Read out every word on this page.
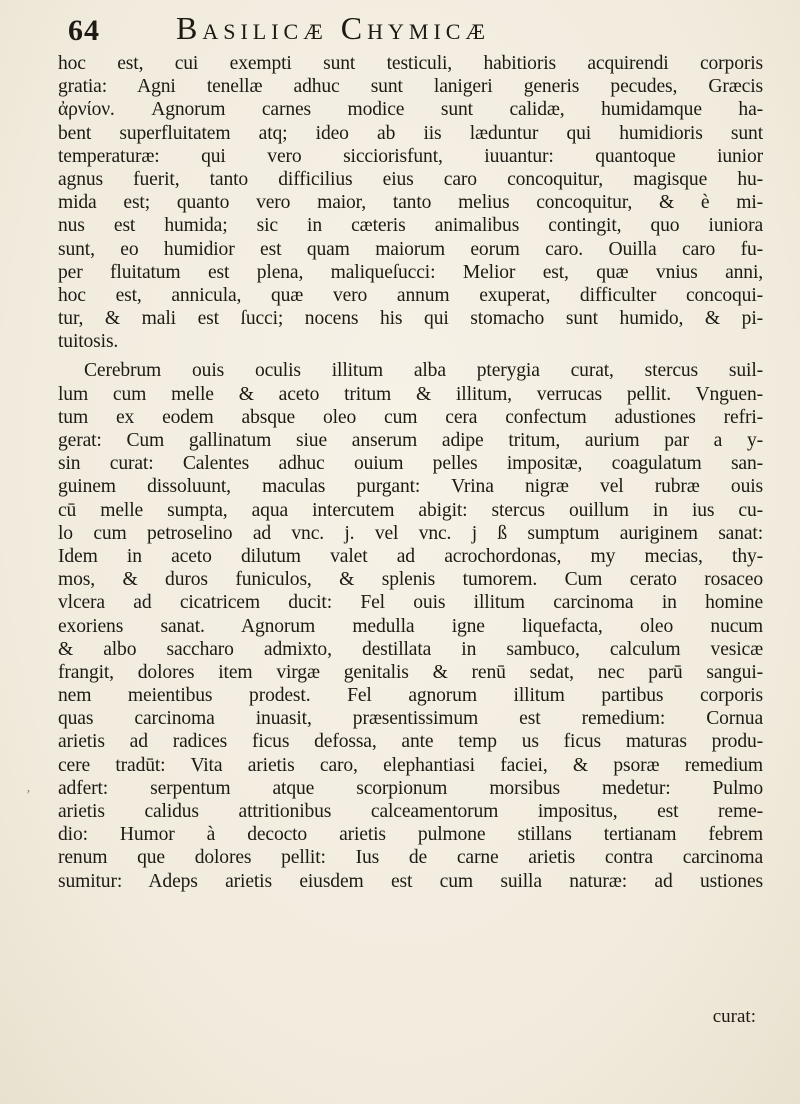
64 Basilicæ Chymicæ
hoc est, cui exempti sunt testiculi, habitioris acquirendi corporis
gratia: Agni tenellæ adhuc sunt lanigeri generis pecudes, Græcis
ἀρνίον. Agnorum carnes modice sunt calidæ, humidamque ha-
bent superfluitatem atq; ideo ab iis læduntur qui humidioris sunt
temperaturæ: qui vero sicciorisfunt, iuuantur: quantoque iunior
agnus fuerit, tanto difficilius eius caro concoquitur, magisque hu-
mida est; quanto vero maior, tanto melius concoquitur, & è mi-
nus est humida; sic in cæteris animalibus contingit, quo iuniora
sunt, eo humidior est quam maiorum eorum caro. Ouilla caro fu-
per fluitatum est plena, maliqueſucci: Melior est, quæ vnius anni,
hoc est, annicula, quæ vero annum exuperat, difficulter concoqui-
tur, & mali est ſucci; nocens his qui stomacho sunt humido, & pi-
tuitosis.
Cerebrum ouis oculis illitum alba pterygia curat, stercus suil-
lum cum melle & aceto tritum & illitum, verrucas pellit. Vnguen-
tum ex eodem absque oleo cum cera confectum adustiones refri-
gerat: Cum gallinatum siue anserum adipe tritum, aurium par a y-
sin curat: Calentes adhuc ouium pelles impositæ, coagulatum san-
guinem dissoluunt, maculas purgant: Vrina nigræ vel rubræ ouis
cū melle sumpta, aqua intercutem abigit: stercus ouillum in ius cu-
lo cum petroselino ad vnc. j. vel vnc. j ß sumptum auriginem sanat:
Idem in aceto dilutum valet ad acrochordonas, my mecias, thy-
mos, & duros funiculos, & splenis tumorem. Cum cerato rosaceo
vlcera ad cicatricem ducit: Fel ouis illitum carcinoma in homine
exoriens sanat. Agnorum medulla igne liquefacta, oleo nucum
& albo saccharo admixto, destillata in sambuco, calculum vesicæ
frangit, dolores item virgæ genitalis & renū sedat, nec parū sangui-
nem meientibus prodest. Fel agnorum illitum partibus corporis
quas carcinoma inuasit, præsentissimum est remedium: Cornua
arietis ad radices ficus defossa, ante temp us ficus maturas produ-
cere tradūt: Vita arietis caro, elephantiasi faciei, & psoræ remedium
adfert: serpentum atque scorpionum morsibus medetur: Pulmo
arietis calidus attritionibus calceamentorum impositus, est reme-
dio: Humor à decocto arietis pulmone stillans tertianam febrem
renum que dolores pellit: Ius de carne arietis contra carcinoma
sumitur: Adeps arietis eiusdem est cum suilla naturæ: ad ustiones
ʼ
curat:
